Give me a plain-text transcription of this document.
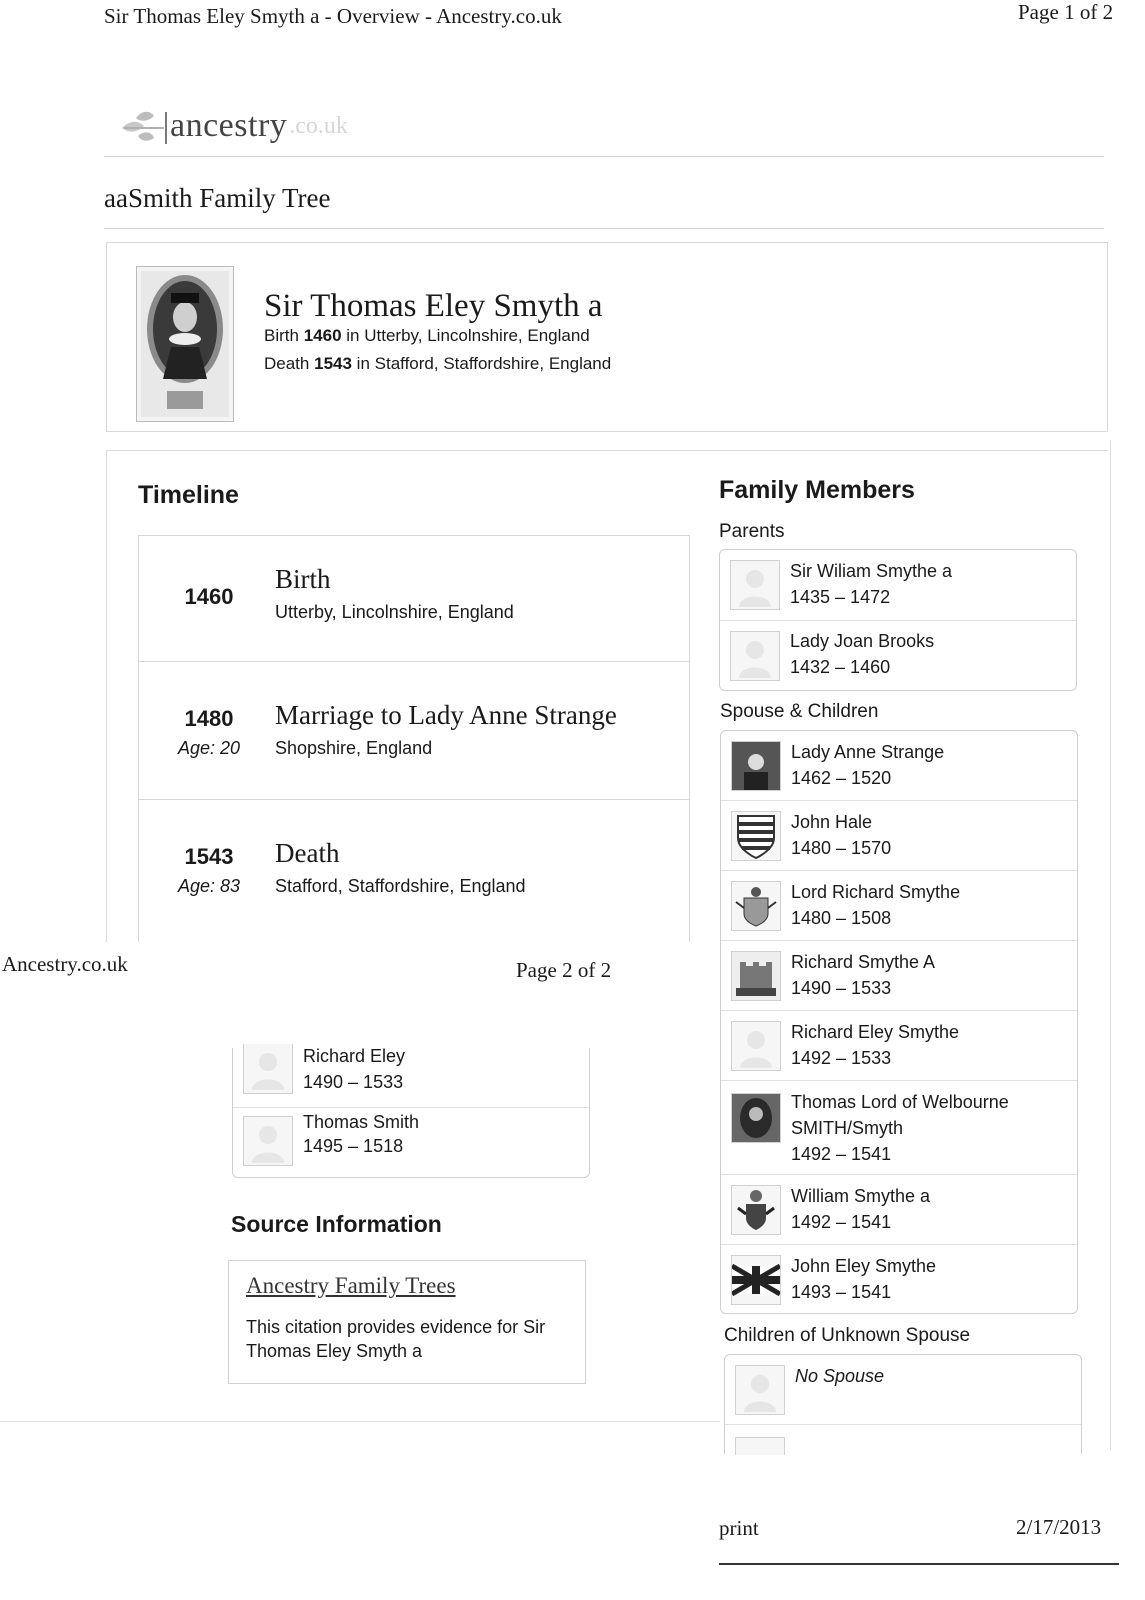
Sir Thomas Eley Smyth a - Overview - Ancestry.co.uk	Page 1 of 2
ancestry .co.uk
aaSmith Family Tree
Sir Thomas Eley Smyth a
Birth 1460 in Utterby, Lincolnshire, England
Death 1543 in Stafford, Staffordshire, England
Timeline
1460
Birth
Utterby, Lincolnshire, England
1480
Age: 20
Marriage to Lady Anne Strange
Shopshire, England
1543
Age: 83
Death
Stafford, Staffordshire, England
Family Members
Parents
Sir Wiliam Smythe a
1435 – 1472
Lady Joan Brooks
1432 – 1460
Spouse & Children
Lady Anne Strange
1462 – 1520
John Hale
1480 – 1570
Lord Richard Smythe
1480 – 1508
Richard Smythe A
1490 – 1533
Richard Eley Smythe
1492 – 1533
Thomas Lord of Welbourne
SMITH/Smyth
1492 – 1541
William Smythe a
1492 – 1541
John Eley Smythe
1493 – 1541
Children of Unknown Spouse
No Spouse
Ancestry.co.uk	Page 2 of 2
Richard Eley
1490 – 1533
Thomas Smith
1495 – 1518
Source Information
Ancestry Family Trees
This citation provides evidence for Sir Thomas Eley Smyth a
print	2/17/2013
